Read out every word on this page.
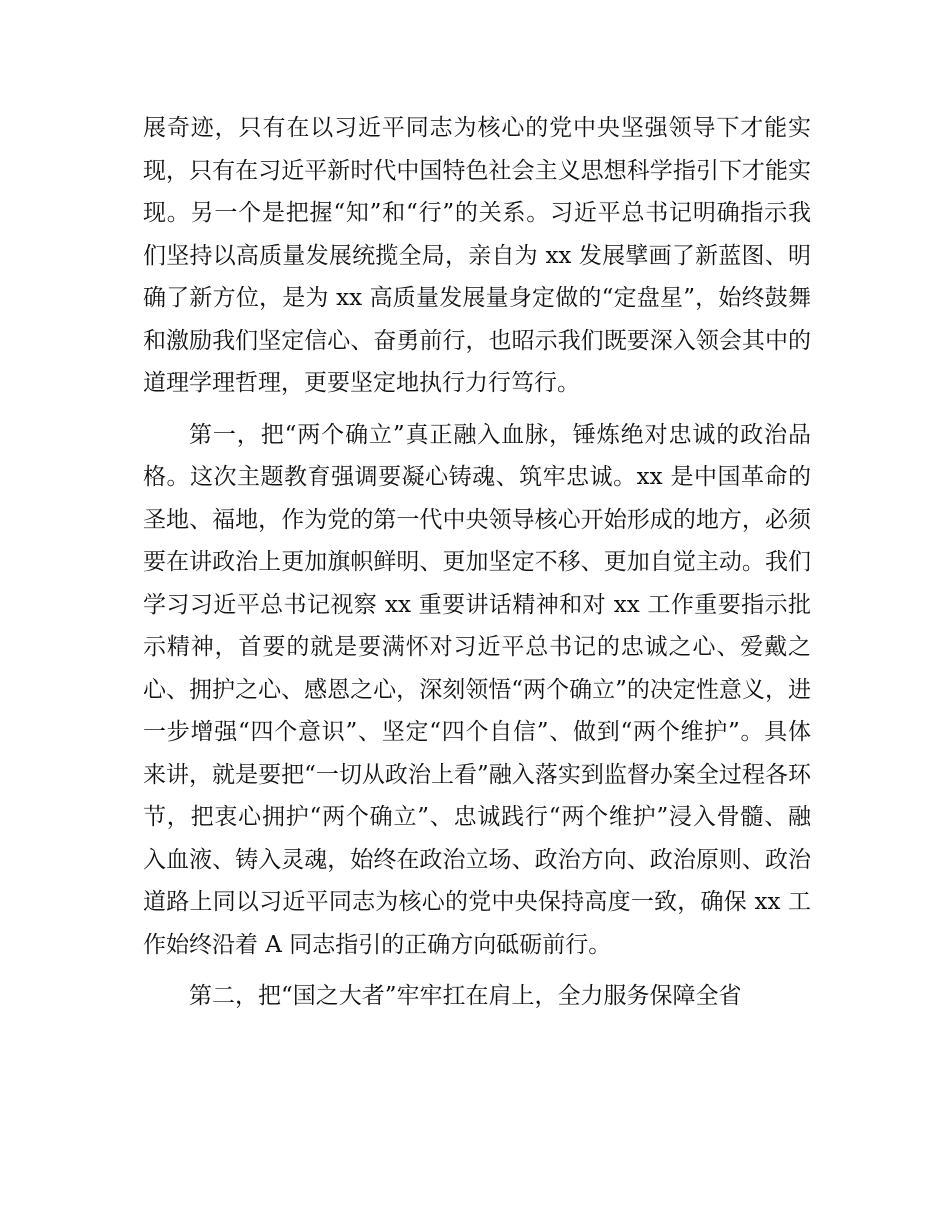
展奇迹，只有在以习近平同志为核心的党中央坚强领导下才能实现，只有在习近平新时代中国特色社会主义思想科学指引下才能实现。另一个是把握“知”和“行”的关系。习近平总书记明确指示我们坚持以高质量发展统揽全局，亲自为 xx 发展擘画了新蓝图、明确了新方位，是为 xx 高质量发展量身定做的“定盘星”，始终鼓舞和激励我们坚定信心、奋勇前行，也昭示我们既要深入领会其中的道理学理哲理，更要坚定地执行力行笃行。

第一，把“两个确立”真正融入血脉，锤炼绝对忠诚的政治品格。这次主题教育强调要凝心铸魂、筑牢忠诚。xx 是中国革命的圣地、福地，作为党的第一代中央领导核心开始形成的地方，必须要在讲政治上更加旗帜鲜明、更加坚定不移、更加自觉主动。我们学习习近平总书记视察 xx 重要讲话精神和对 xx 工作重要指示批示精神，首要的就是要满怀对习近平总书记的忠诚之心、爱戴之心、拥护之心、感恩之心，深刻领悟“两个确立”的决定性意义，进一步增强“四个意识”、坚定“四个自信”、做到“两个维护”。具体来讲，就是要把“一切从政治上看”融入落实到监督办案全过程各环节，把衷心拥护“两个确立”、忠诚践行“两个维护”浸入骨髓、融入血液、铸入灵魂，始终在政治立场、政治方向、政治原则、政治道路上同以习近平同志为核心的党中央保持高度一致，确保 xx 工作始终沿着 A 同志指引的正确方向砥砺前行。

第二，把“国之大者”牢牢扛在肩上，全力服务保障全省
